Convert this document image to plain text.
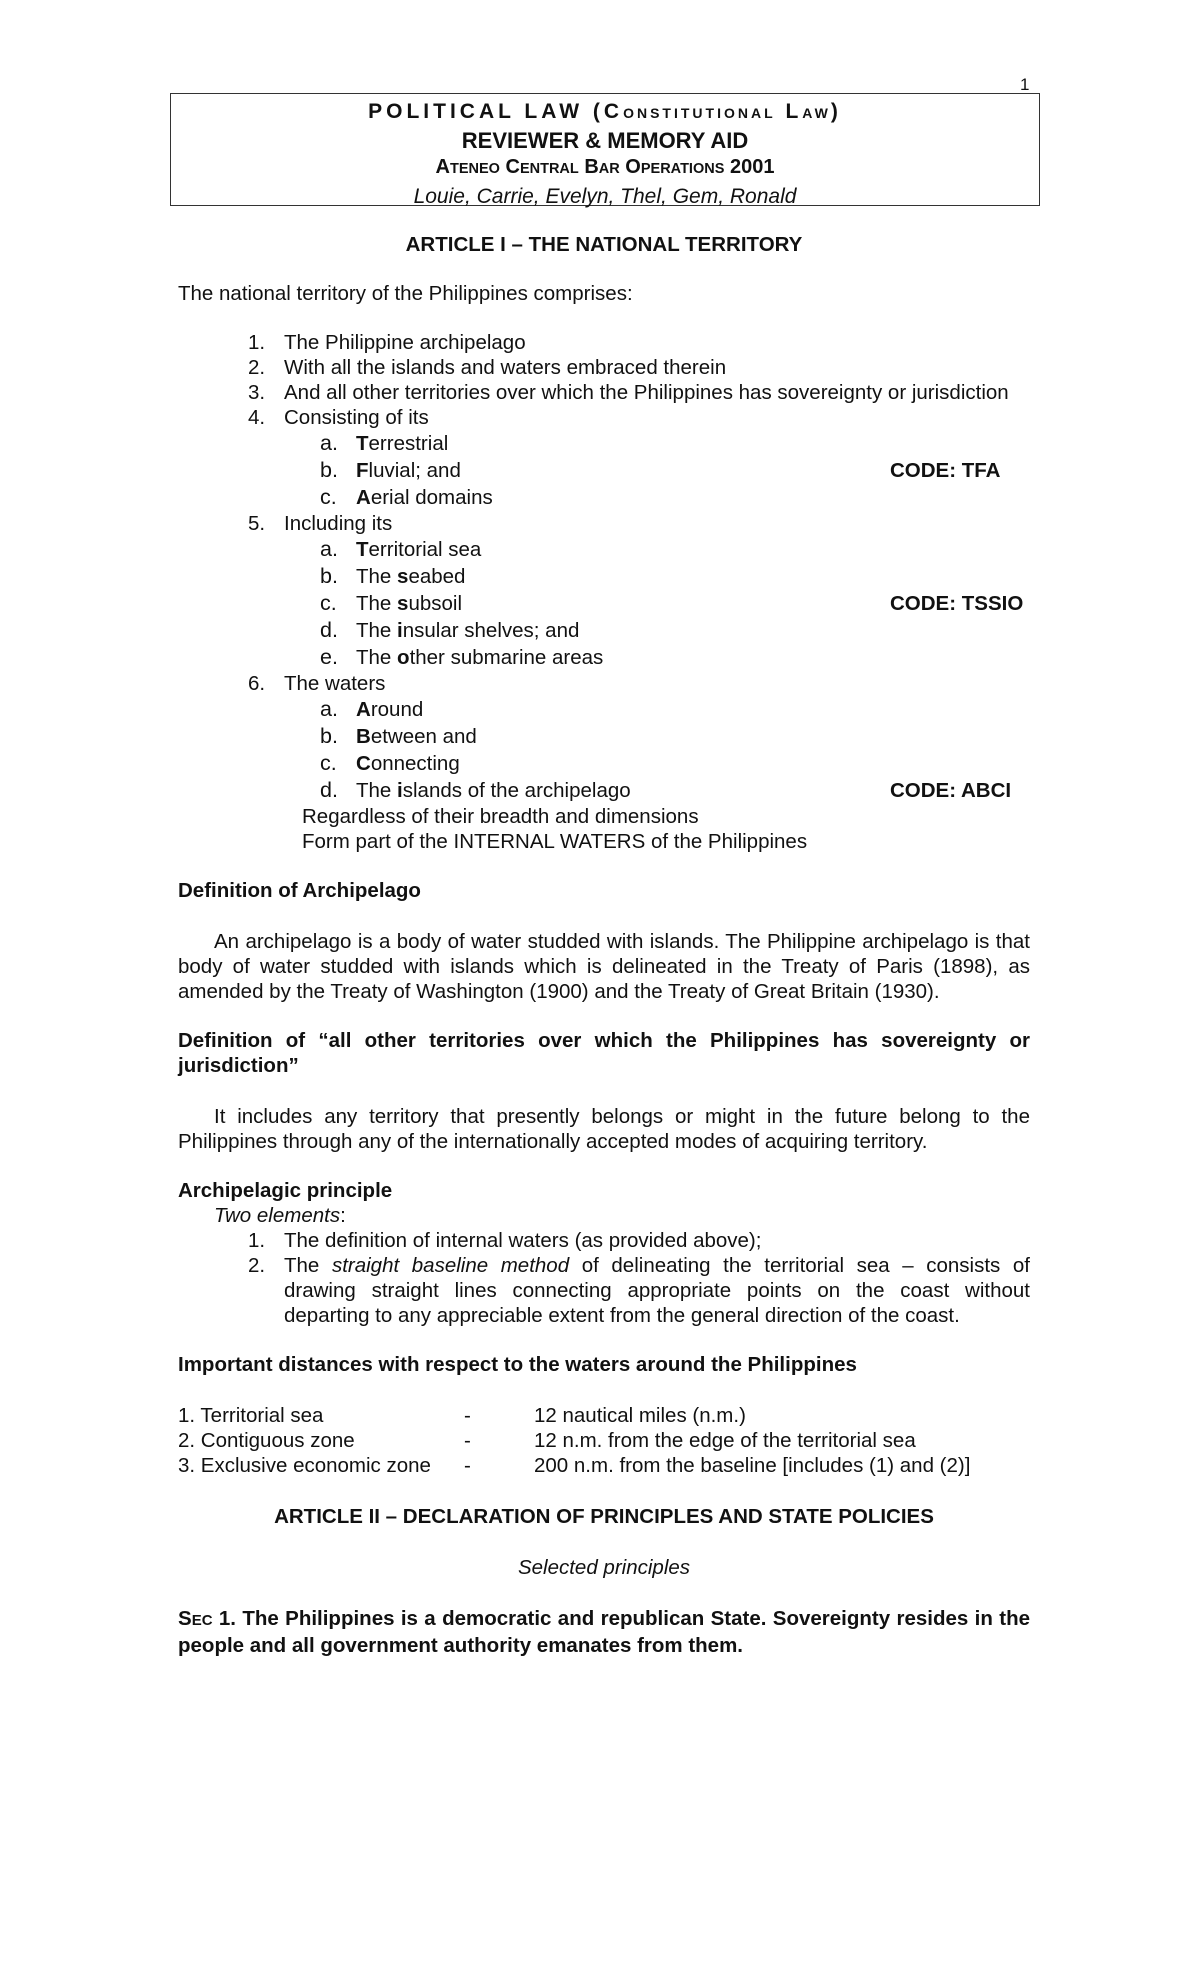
1
POLITICAL LAW (CONSTITUTIONAL LAW)
REVIEWER & MEMORY AID
ATENEO CENTRAL BAR OPERATIONS 2001
Louie, Carrie, Evelyn, Thel, Gem, Ronald
ARTICLE I – THE NATIONAL TERRITORY
The national territory of the Philippines comprises:
1. The Philippine archipelago
2. With all the islands and waters embraced therein
3. And all other territories over which the Philippines has sovereignty or jurisdiction
4. Consisting of its
a. Terrestrial
b. Fluvial; and	CODE: TFA
c. Aerial domains
5. Including its
a. Territorial sea
b. The seabed
c. The subsoil	CODE: TSSIO
d. The insular shelves; and
e. The other submarine areas
6. The waters
a. Around
b. Between and
c. Connecting
d. The islands of the archipelago	CODE: ABCI
Regardless of their breadth and dimensions
Form part of the INTERNAL WATERS of the Philippines
Definition of Archipelago
An archipelago is a body of water studded with islands. The Philippine archipelago is that body of water studded with islands which is delineated in the Treaty of Paris (1898), as amended by the Treaty of Washington (1900) and the Treaty of Great Britain (1930).
Definition of “all other territories over which the Philippines has sovereignty or jurisdiction”
It includes any territory that presently belongs or might in the future belong to the Philippines through any of the internationally accepted modes of acquiring territory.
Archipelagic principle
Two elements:
1. The definition of internal waters (as provided above);
2. The straight baseline method of delineating the territorial sea – consists of drawing straight lines connecting appropriate points on the coast without departing to any appreciable extent from the general direction of the coast.
Important distances with respect to the waters around the Philippines
1. Territorial sea	-	12 nautical miles (n.m.)
2. Contiguous zone	-	12 n.m. from the edge of the territorial sea
3. Exclusive economic zone -	200 n.m. from the baseline [includes (1) and (2)]
ARTICLE II – DECLARATION OF PRINCIPLES AND STATE POLICIES
Selected principles
SEC 1. The Philippines is a democratic and republican State. Sovereignty resides in the people and all government authority emanates from them.
